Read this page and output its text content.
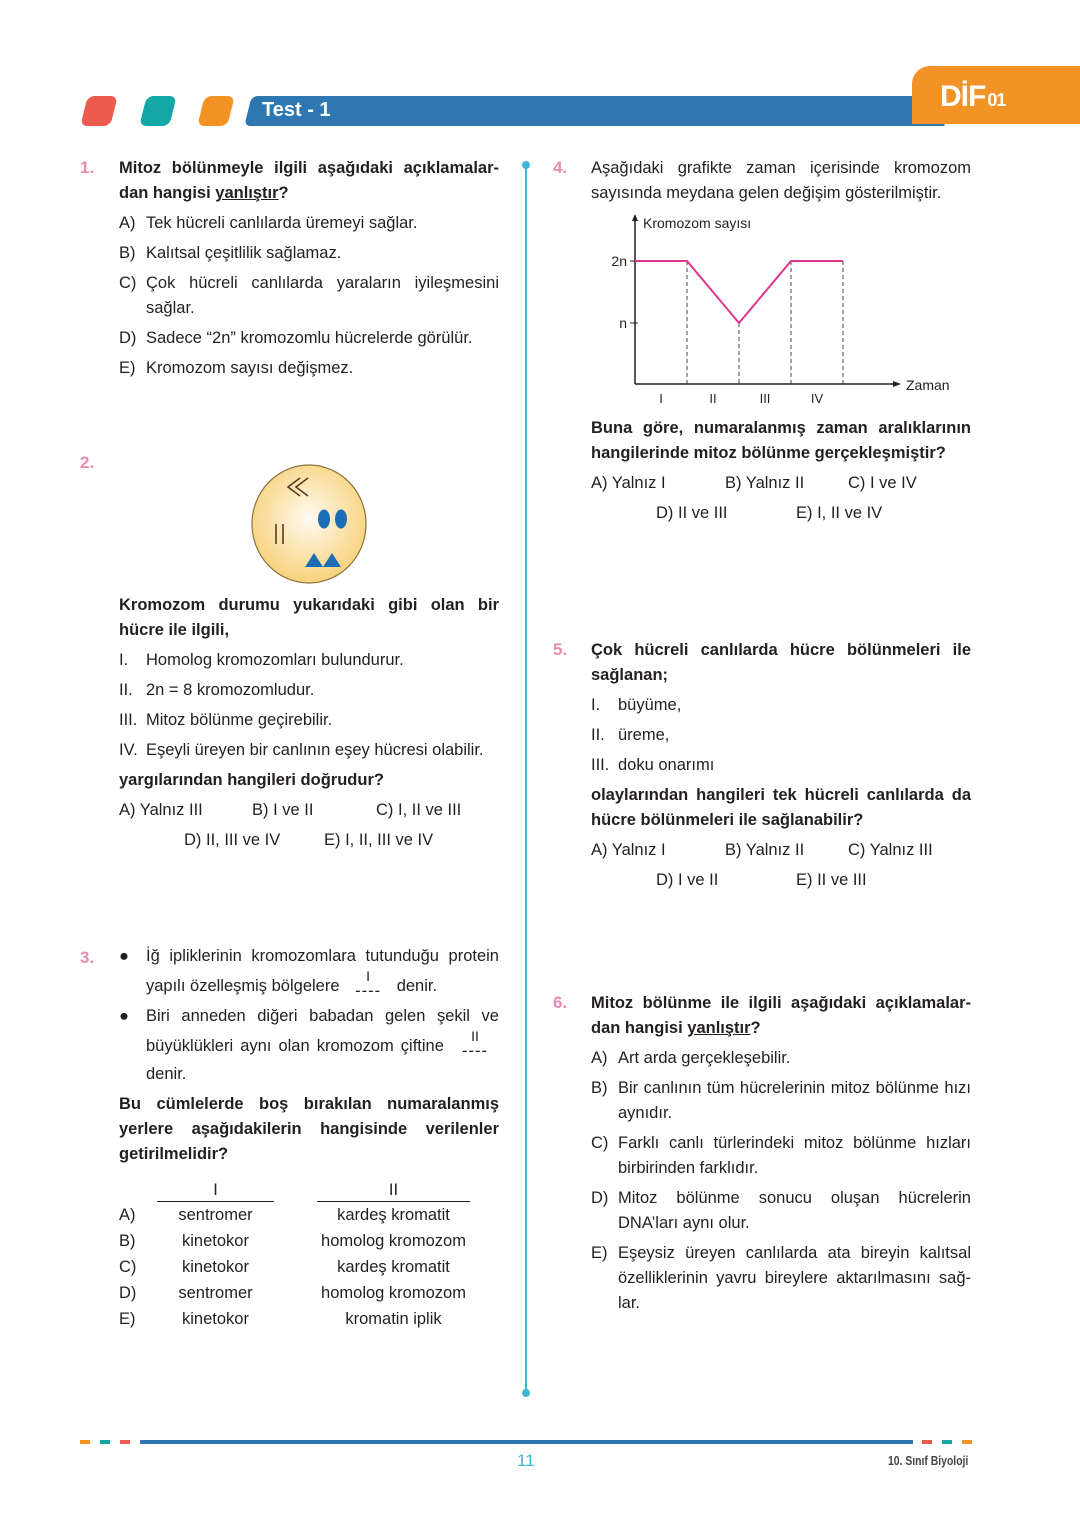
Test - 1	DİF 01
1. Mitoz bölünmeyle ilgili aşağıdaki açıklamalar-dan hangisi yanlıştır?
A) Tek hücreli canlılarda üremeyi sağlar.
B) Kalıtsal çeşitlilik sağlamaz.
C) Çok hücreli canlılarda yaraların iyileşmesini sağlar.
D) Sadece “2n” kromozomlu hücrelerde görülür.
E) Kromozom sayısı değişmez.
2.
Kromozom durumu yukarıdaki gibi olan bir hücre ile ilgili,
I.	Homolog kromozomları bulundurur.
II. 2n = 8 kromozomludur.
III. Mitoz bölünme geçirebilir.
IV. Eşeyli üreyen bir canlının eşey hücresi olabilir.
yargılarından hangileri doğrudur?
A) Yalnız III	B) I ve II	C) I, II ve III
D) II, III ve IV	E) I, II, III ve IV
3. ●	İğ ipliklerinin kromozomlara tutunduğu protein yapılı özelleşmiş bölgelere
I
---- denir.
●	Biri anneden diğeri babadan gelen şekil ve büyüklükleri aynı olan kromozom çiftine
II
----
denir.
Bu cümlelerde boş bırakılan numaralanmış yerlere aşağıdakilerin hangisinde verilenler getirilmelidir?
I	II
A)	sentromer	kardeş kromatit
B)	kinetokor	homolog kromozom
C)	kinetokor	kardeş kromatit
D)	sentromer	homolog kromozom
E)	kinetokor	kromatin iplik
4. Aşağıdaki grafikte zaman içerisinde kromozom sayısında meydana gelen değişim gösterilmiştir.
Kromozom sayısı
Zaman
2n
n
I	II	III	IV
Buna göre, numaralanmış zaman aralıklarının hangilerinde mitoz bölünme gerçekleşmiştir?
A) Yalnız I	B) Yalnız II	C) I ve IV
D) II ve III	E) I, II ve IV
5. Çok hücreli canlılarda hücre bölünmeleri ile sağlanan;
I.	büyüme,
II. üreme,
III. doku onarımı
olaylarından hangileri tek hücreli canlılarda da hücre bölünmeleri ile sağlanabilir?
A) Yalnız I	B) Yalnız II	C) Yalnız III
D) I ve II	E) II ve III
6. Mitoz bölünme ile ilgili aşağıdaki açıklamalar-dan hangisi yanlıştır?
A) Art arda gerçekleşebilir.
B) Bir canlının tüm hücrelerinin mitoz bölünme hızı aynıdır.
C) Farklı canlı türlerindeki mitoz bölünme hızları birbirinden farklıdır.
D) Mitoz bölünme sonucu oluşan hücrelerin DNA’ları aynı olur.
E) Eşeysiz üreyen canlılarda ata bireyin kalıtsal özelliklerinin yavru bireylere aktarılmasını sağ-lar.
11	10. Sınıf Biyoloji
